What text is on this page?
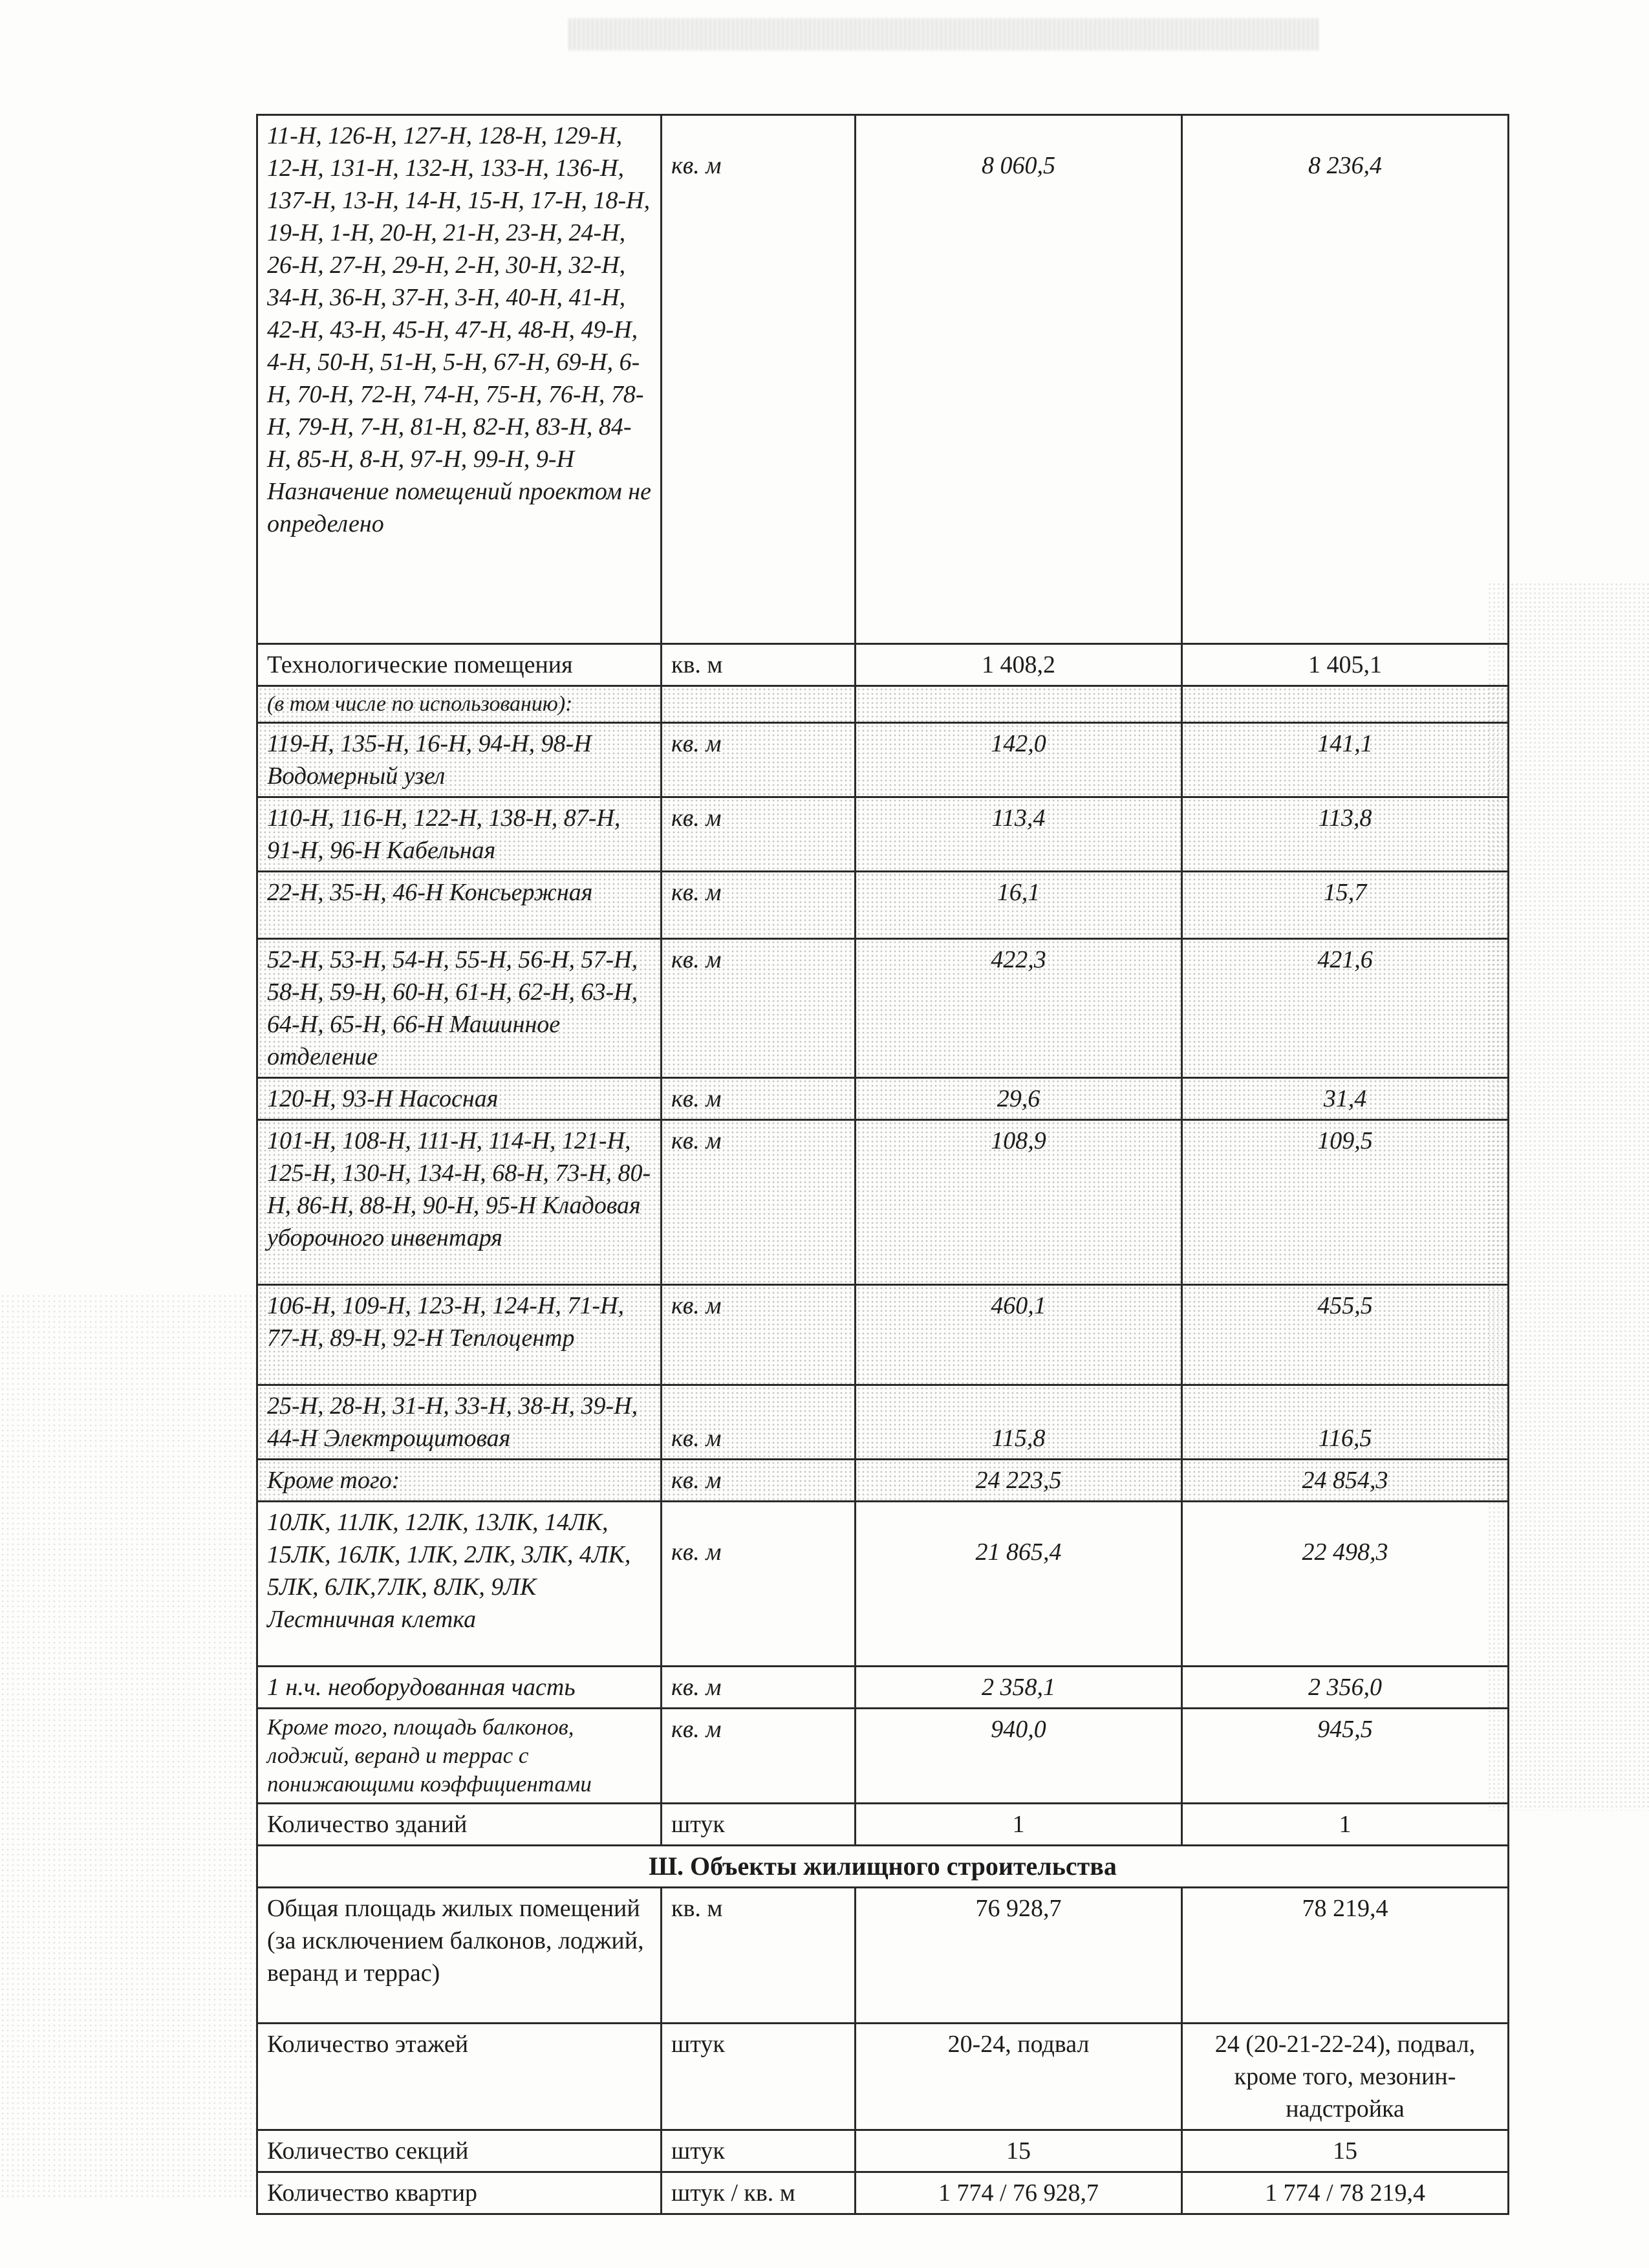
11-Н, 126-Н, 127-Н, 128-Н, 129-Н, 12-Н, 131-Н, 132-Н, 133-Н, 136-Н, 137-Н, 13-Н, 14-Н, 15-Н, 17-Н, 18-Н, 19-Н, 1-Н, 20-Н, 21-Н, 23-Н, 24-Н, 26-Н, 27-Н, 29-Н, 2-Н, 30-Н, 32-Н, 34-Н, 36-Н, 37-Н, 3-Н, 40-Н, 41-Н, 42-Н, 43-Н, 45-Н, 47-Н, 48-Н, 49-Н, 4-Н, 50-Н, 51-Н, 5-Н, 67-Н, 69-Н, 6-Н, 70-Н, 72-Н, 74-Н, 75-Н, 76-Н, 78-Н, 79-Н, 7-Н, 81-Н, 82-Н, 83-Н, 84-Н, 85-Н, 8-Н, 97-Н, 99-Н, 9-Н Назначение помещений проектом не определено	кв. м	8 060,5	8 236,4
Технологические помещения	кв. м	1 408,2	1 405,1
(в том числе по использованию):			
119-Н, 135-Н, 16-Н, 94-Н, 98-Н Водомерный узел	кв. м	142,0	141,1
110-Н, 116-Н, 122-Н, 138-Н, 87-Н, 91-Н, 96-Н Кабельная	кв. м	113,4	113,8
22-Н, 35-Н, 46-Н Консьержная	кв. м	16,1	15,7
52-Н, 53-Н, 54-Н, 55-Н, 56-Н, 57-Н, 58-Н, 59-Н, 60-Н, 61-Н, 62-Н, 63-Н, 64-Н, 65-Н, 66-Н Машинное отделение	кв. м	422,3	421,6
120-Н, 93-Н Насосная	кв. м	29,6	31,4
101-Н, 108-Н, 111-Н, 114-Н, 121-Н, 125-Н, 130-Н, 134-Н, 68-Н, 73-Н, 80-Н, 86-Н, 88-Н, 90-Н, 95-Н Кладовая уборочного инвентаря	кв. м	108,9	109,5
106-Н, 109-Н, 123-Н, 124-Н, 71-Н, 77-Н, 89-Н, 92-Н Теплоцентр	кв. м	460,1	455,5
25-Н, 28-Н, 31-Н, 33-Н, 38-Н, 39-Н, 44-Н Электрощитовая	кв. м	115,8	116,5
Кроме того:	кв. м	24 223,5	24 854,3
10ЛК, 11ЛК, 12ЛК, 13ЛК, 14ЛК, 15ЛК, 16ЛК, 1ЛК, 2ЛК, 3ЛК, 4ЛК, 5ЛК, 6ЛК,7ЛК, 8ЛК, 9ЛК Лестничная клетка	кв. м	21 865,4	22 498,3
1 н.ч. необорудованная часть	кв. м	2 358,1	2 356,0
Кроме того, площадь балконов, лоджий, веранд и террас с понижающими коэффициентами	кв. м	940,0	945,5
Количество зданий	штук	1	1
Ш. Объекты жилищного строительства			
Общая площадь жилых помещений (за исключением балконов, лоджий, веранд и террас)	кв. м	76 928,7	78 219,4
Количество этажей	штук	20-24, подвал	24 (20-21-22-24), подвал, кроме того, мезонин-надстройка
Количество секций	штук	15	15
Количество квартир	штук / кв. м	1 774 / 76 928,7	1 774 / 78 219,4
